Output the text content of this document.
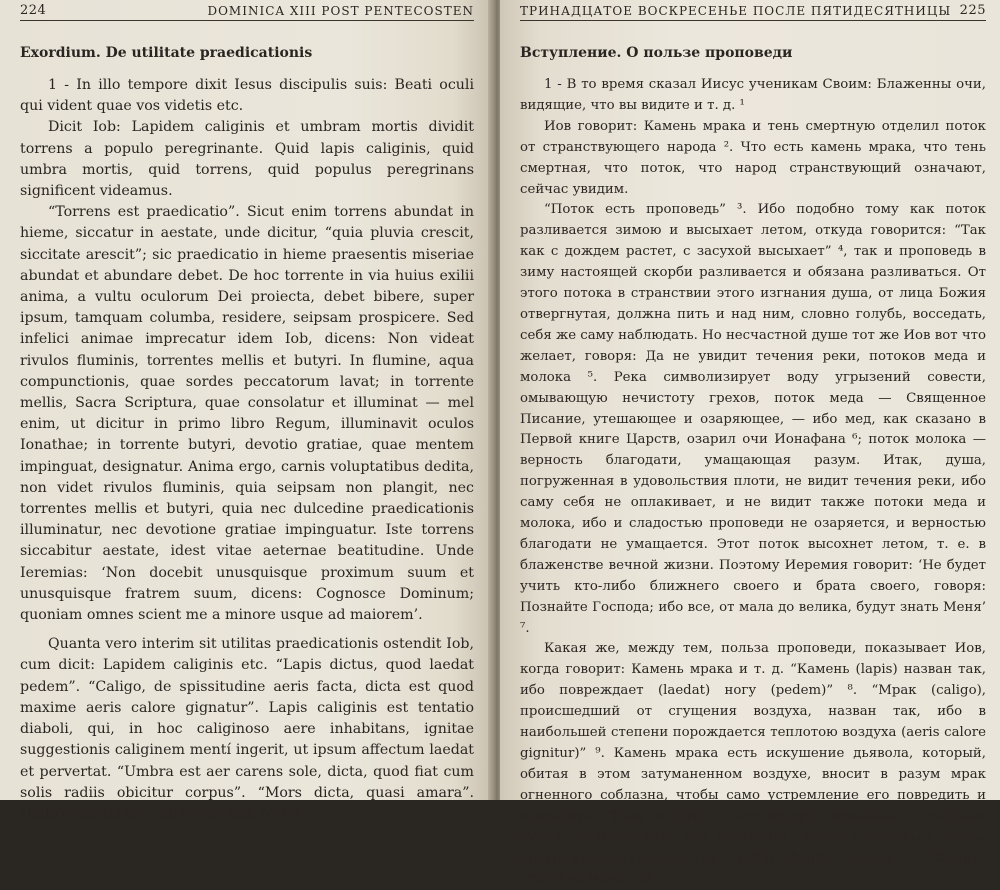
224	DOMINICA XIII POST PENTECOSTEN
Exordium. De utilitate praedicationis

1 - In illo tempore dixit Iesus discipulis suis: Beati oculi qui vident quae vos videtis etc.

Dicit Iob: Lapidem caliginis et umbram mortis dividit torrens a populo peregrinante. Quid lapis caliginis, quid umbra mortis, quid torrens, quid populus peregrinans significent videamus.

“Torrens est praedicatio”. Sicut enim torrens abundat in hieme, siccatur in aestate, unde dicitur, “quia pluvia crescit, siccitate arescit”; sic praedicatio in hieme praesentis miseriae abundat et abundare debet. De hoc torrente in via huius exilii anima, a vultu oculorum Dei proiecta, debet bibere, super ipsum, tamquam columba, residere, seipsam prospicere. Sed infelici animae imprecatur idem Iob, dicens: Non videat rivulos fluminis, torrentes mellis et butyri. In flumine, aqua compunctionis, quae sordes peccatorum lavat; in torrente mellis, Sacra Scriptura, quae consolatur et illuminat — mel enim, ut dicitur in primo libro Regum, illuminavit oculos Ionathae; in torrente butyri, devotio gratiae, quae mentem impinguat, designatur. Anima ergo, carnis voluptatibus dedita, non videt rivulos fluminis, quia seipsam non plangit, nec torrentes mellis et butyri, quia nec dulcedine praedicationis illuminatur, nec devotione gratiae impinguatur. Iste torrens siccabitur aestate, idest vitae aeternae beatitudine. Unde Ieremias: ‘Non docebit unusquisque proximum suum et unusquisque fratrem suum, dicens: Cognosce Dominum; quoniam omnes scient me a minore usque ad maiorem’.

Quanta vero interim sit utilitas praedicationis ostendit Iob, cum dicit: Lapidem caliginis etc. “Lapis dictus, quod laedat pedem”. “Caligo, de spissitudine aeris facta, dicta est quod maxime aeris calore gignatur”. Lapis caliginis est tentatio diaboli, qui, in hoc caliginoso aere inhabitans, ignitae suggestionis caliginem mentí ingerit, ut ipsum affectum laedat et pervertat. “Umbra est aer carens sole, dicta, quod fiat cum solis radiis obicitur corpus”. “Mors dicta, quasi amara”. Umbra mortis est oblivio mentis. Miser

ТРИНАДЦАТОЕ ВОСКРЕСЕНЬЕ ПОСЛЕ ПЯТИДЕСЯТНИЦЫ 225
Вступление. О пользе проповеди

1 - В то время сказал Иисус ученикам Своим: Блаженны очи, видящие, что вы видите и т. д. ¹

Иов говорит: Камень мрака и тень смертную отделил поток от странствующего народа ². Что есть камень мрака, что тень смертная, что поток, что народ странствующий означают, сейчас увидим.

“Поток есть проповедь” ³. Ибо подобно тому как поток разливается зимою и высыхает летом, откуда говорится: “Так как с дождем растет, с засухой высыхает” ⁴, так и проповедь в зиму настоящей скорби разливается и обязана разливаться. От этого потока в странствии этого изгнания душа, от лица Божия отвергнутая, должна пить и над ним, словно голубь, восседать, себя же саму наблюдать. Но несчастной душе тот же Иов вот что желает, говоря: Да не увидит течения реки, потоков меда и молока ⁵. Река символизирует воду угрызений совести, омывающую нечистоту грехов, поток меда — Священное Писание, утешающее и озаряющее, — ибо мед, как сказано в Первой книге Царств, озарил очи Ионафана ⁶; поток молока — верность благодати, умащающая разум. Итак, душа, погруженная в удовольствия плоти, не видит течения реки, ибо саму себя не оплакивает, и не видит также потоки меда и молока, ибо и сладостью проповеди не озаряется, и верностью благодати не умащается. Этот поток высохнет летом, т. е. в блаженстве вечной жизни. Поэтому Иеремия говорит: ‘Не будет учить кто-либо ближнего своего и брата своего, говоря: Познайте Господа; ибо все, от мала до велика, будут знать Меня’ ⁷.

Какая же, между тем, польза проповеди, показывает Иов, когда говорит: Камень мрака и т. д. “Камень (lapis) назван так, ибо повреждает (laedat) ногу (pedem)” ⁸. “Мрак (caligo), происшедший от сгущения воздуха, назван так, ибо в наибольшей степени порождается теплотою воздуха (aeris calore gignitur)” ⁹. Камень мрака есть искушение дьявола, который, обитая в этом затуманенном воздухе, вносит в разум мрак огненного соблазна, чтобы само устремление его повредить и извратить. “Тень (umbra) — это воздух, лишенный солнечных лучей, названа так, ибо возникает, когда солнечным лучам преграждает путь тело (solis radiis obicitur corpus)” ¹⁰. “Смерть (mors) названа так,
